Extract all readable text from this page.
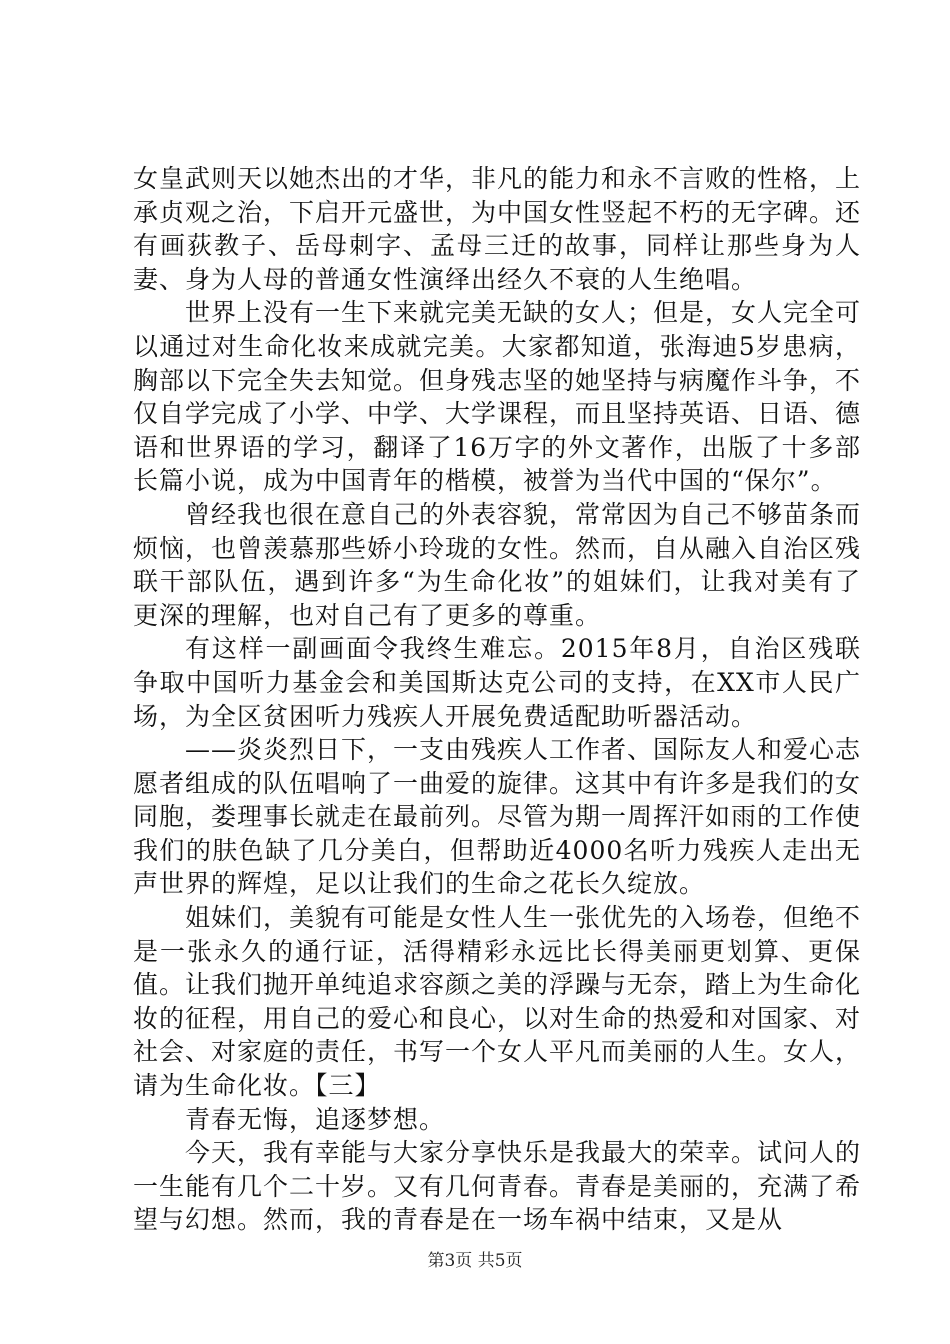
女皇武则天以她杰出的才华，非凡的能力和永不言败的性格，上承贞观之治，下启开元盛世，为中国女性竖起不朽的无字碑。还有画荻教子、岳母刺字、孟母三迁的故事，同样让那些身为人妻、身为人母的普通女性演绎出经久不衰的人生绝唱。

世界上没有一生下来就完美无缺的女人；但是，女人完全可以通过对生命化妆来成就完美。大家都知道，张海迪5岁患病，胸部以下完全失去知觉。但身残志坚的她坚持与病魔作斗争，不仅自学完成了小学、中学、大学课程，而且坚持英语、日语、德语和世界语的学习，翻译了16万字的外文著作，出版了十多部长篇小说，成为中国青年的楷模，被誉为当代中国的“保尔”。

曾经我也很在意自己的外表容貌，常常因为自己不够苗条而烦恼，也曾羡慕那些娇小玲珑的女性。然而，自从融入自治区残联干部队伍，遇到许多“为生命化妆”的姐妹们，让我对美有了更深的理解，也对自己有了更多的尊重。

有这样一副画面令我终生难忘。2015年8月，自治区残联争取中国听力基金会和美国斯达克公司的支持，在XX市人民广场，为全区贫困听力残疾人开展免费适配助听器活动。

——炎炎烈日下，一支由残疾人工作者、国际友人和爱心志愿者组成的队伍唱响了一曲爱的旋律。这其中有许多是我们的女同胞，娄理事长就走在最前列。尽管为期一周挥汗如雨的工作使我们的肤色缺了几分美白，但帮助近4000名听力残疾人走出无声世界的辉煌，足以让我们的生命之花长久绽放。

姐妹们，美貌有可能是女性人生一张优先的入场卷，但绝不是一张永久的通行证，活得精彩永远比长得美丽更划算、更保值。让我们抛开单纯追求容颜之美的浮躁与无奈，踏上为生命化妆的征程，用自己的爱心和良心，以对生命的热爱和对国家、对社会、对家庭的责任，书写一个女人平凡而美丽的人生。女人，请为生命化妆。【三】

青春无悔，追逐梦想。

今天，我有幸能与大家分享快乐是我最大的荣幸。试问人的一生能有几个二十岁。又有几何青春。青春是美丽的，充满了希望与幻想。然而，我的青春是在一场车祸中结束，又是从

第3页 共5页
